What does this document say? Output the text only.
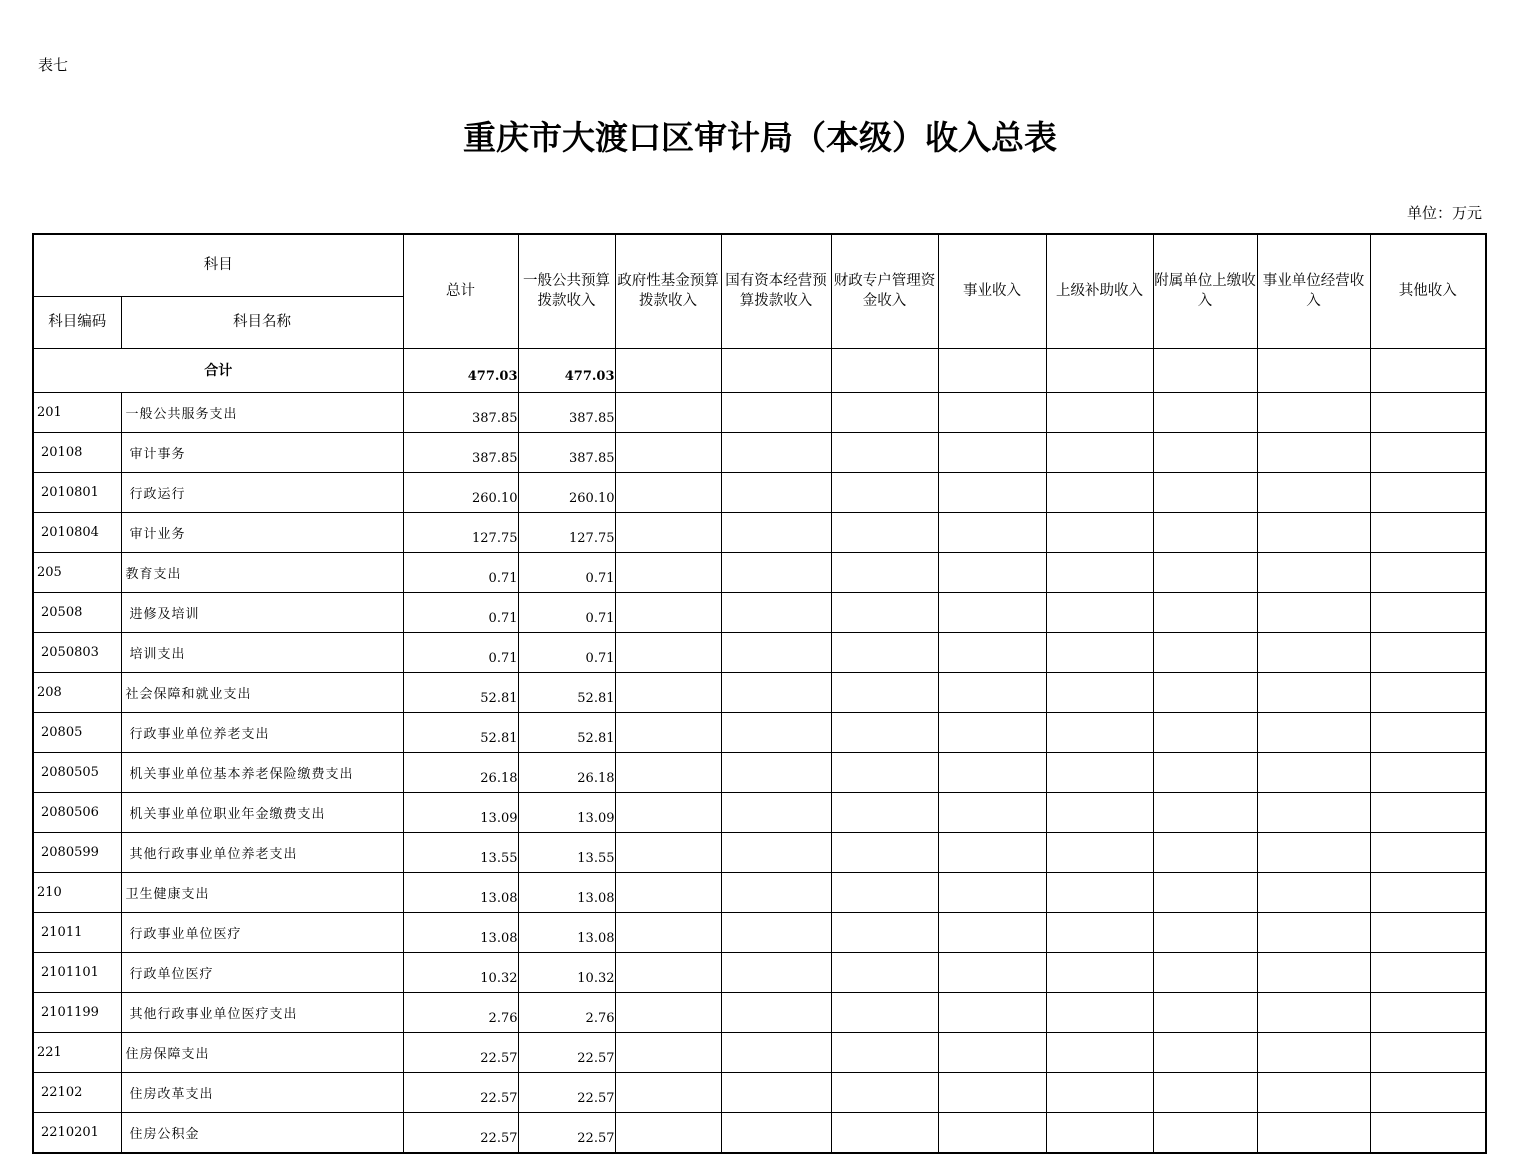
表七
重庆市大渡口区审计局（本级）收入总表
单位：万元
科目		总计	一般公共预算拨款收入	政府性基金预算拨款收入	国有资本经营预算拨款收入	财政专户管理资金收入	事业收入	上级补助收入	附属单位上缴收入	事业单位经营收入	其他收入
科目编码	科目名称										
合计		477.03	477.03								
201	一般公共服务支出	387.85	387.85								
20108	审计事务	387.85	387.85								
2010801	行政运行	260.10	260.10								
2010804	审计业务	127.75	127.75								
205	教育支出	0.71	0.71								
20508	进修及培训	0.71	0.71								
2050803	培训支出	0.71	0.71								
208	社会保障和就业支出	52.81	52.81								
20805	行政事业单位养老支出	52.81	52.81								
2080505	机关事业单位基本养老保险缴费支出	26.18	26.18								
2080506	机关事业单位职业年金缴费支出	13.09	13.09								
2080599	其他行政事业单位养老支出	13.55	13.55								
210	卫生健康支出	13.08	13.08								
21011	行政事业单位医疗	13.08	13.08								
2101101	行政单位医疗	10.32	10.32								
2101199	其他行政事业单位医疗支出	2.76	2.76								
221	住房保障支出	22.57	22.57								
22102	住房改革支出	22.57	22.57								
2210201	住房公积金	22.57	22.57								
